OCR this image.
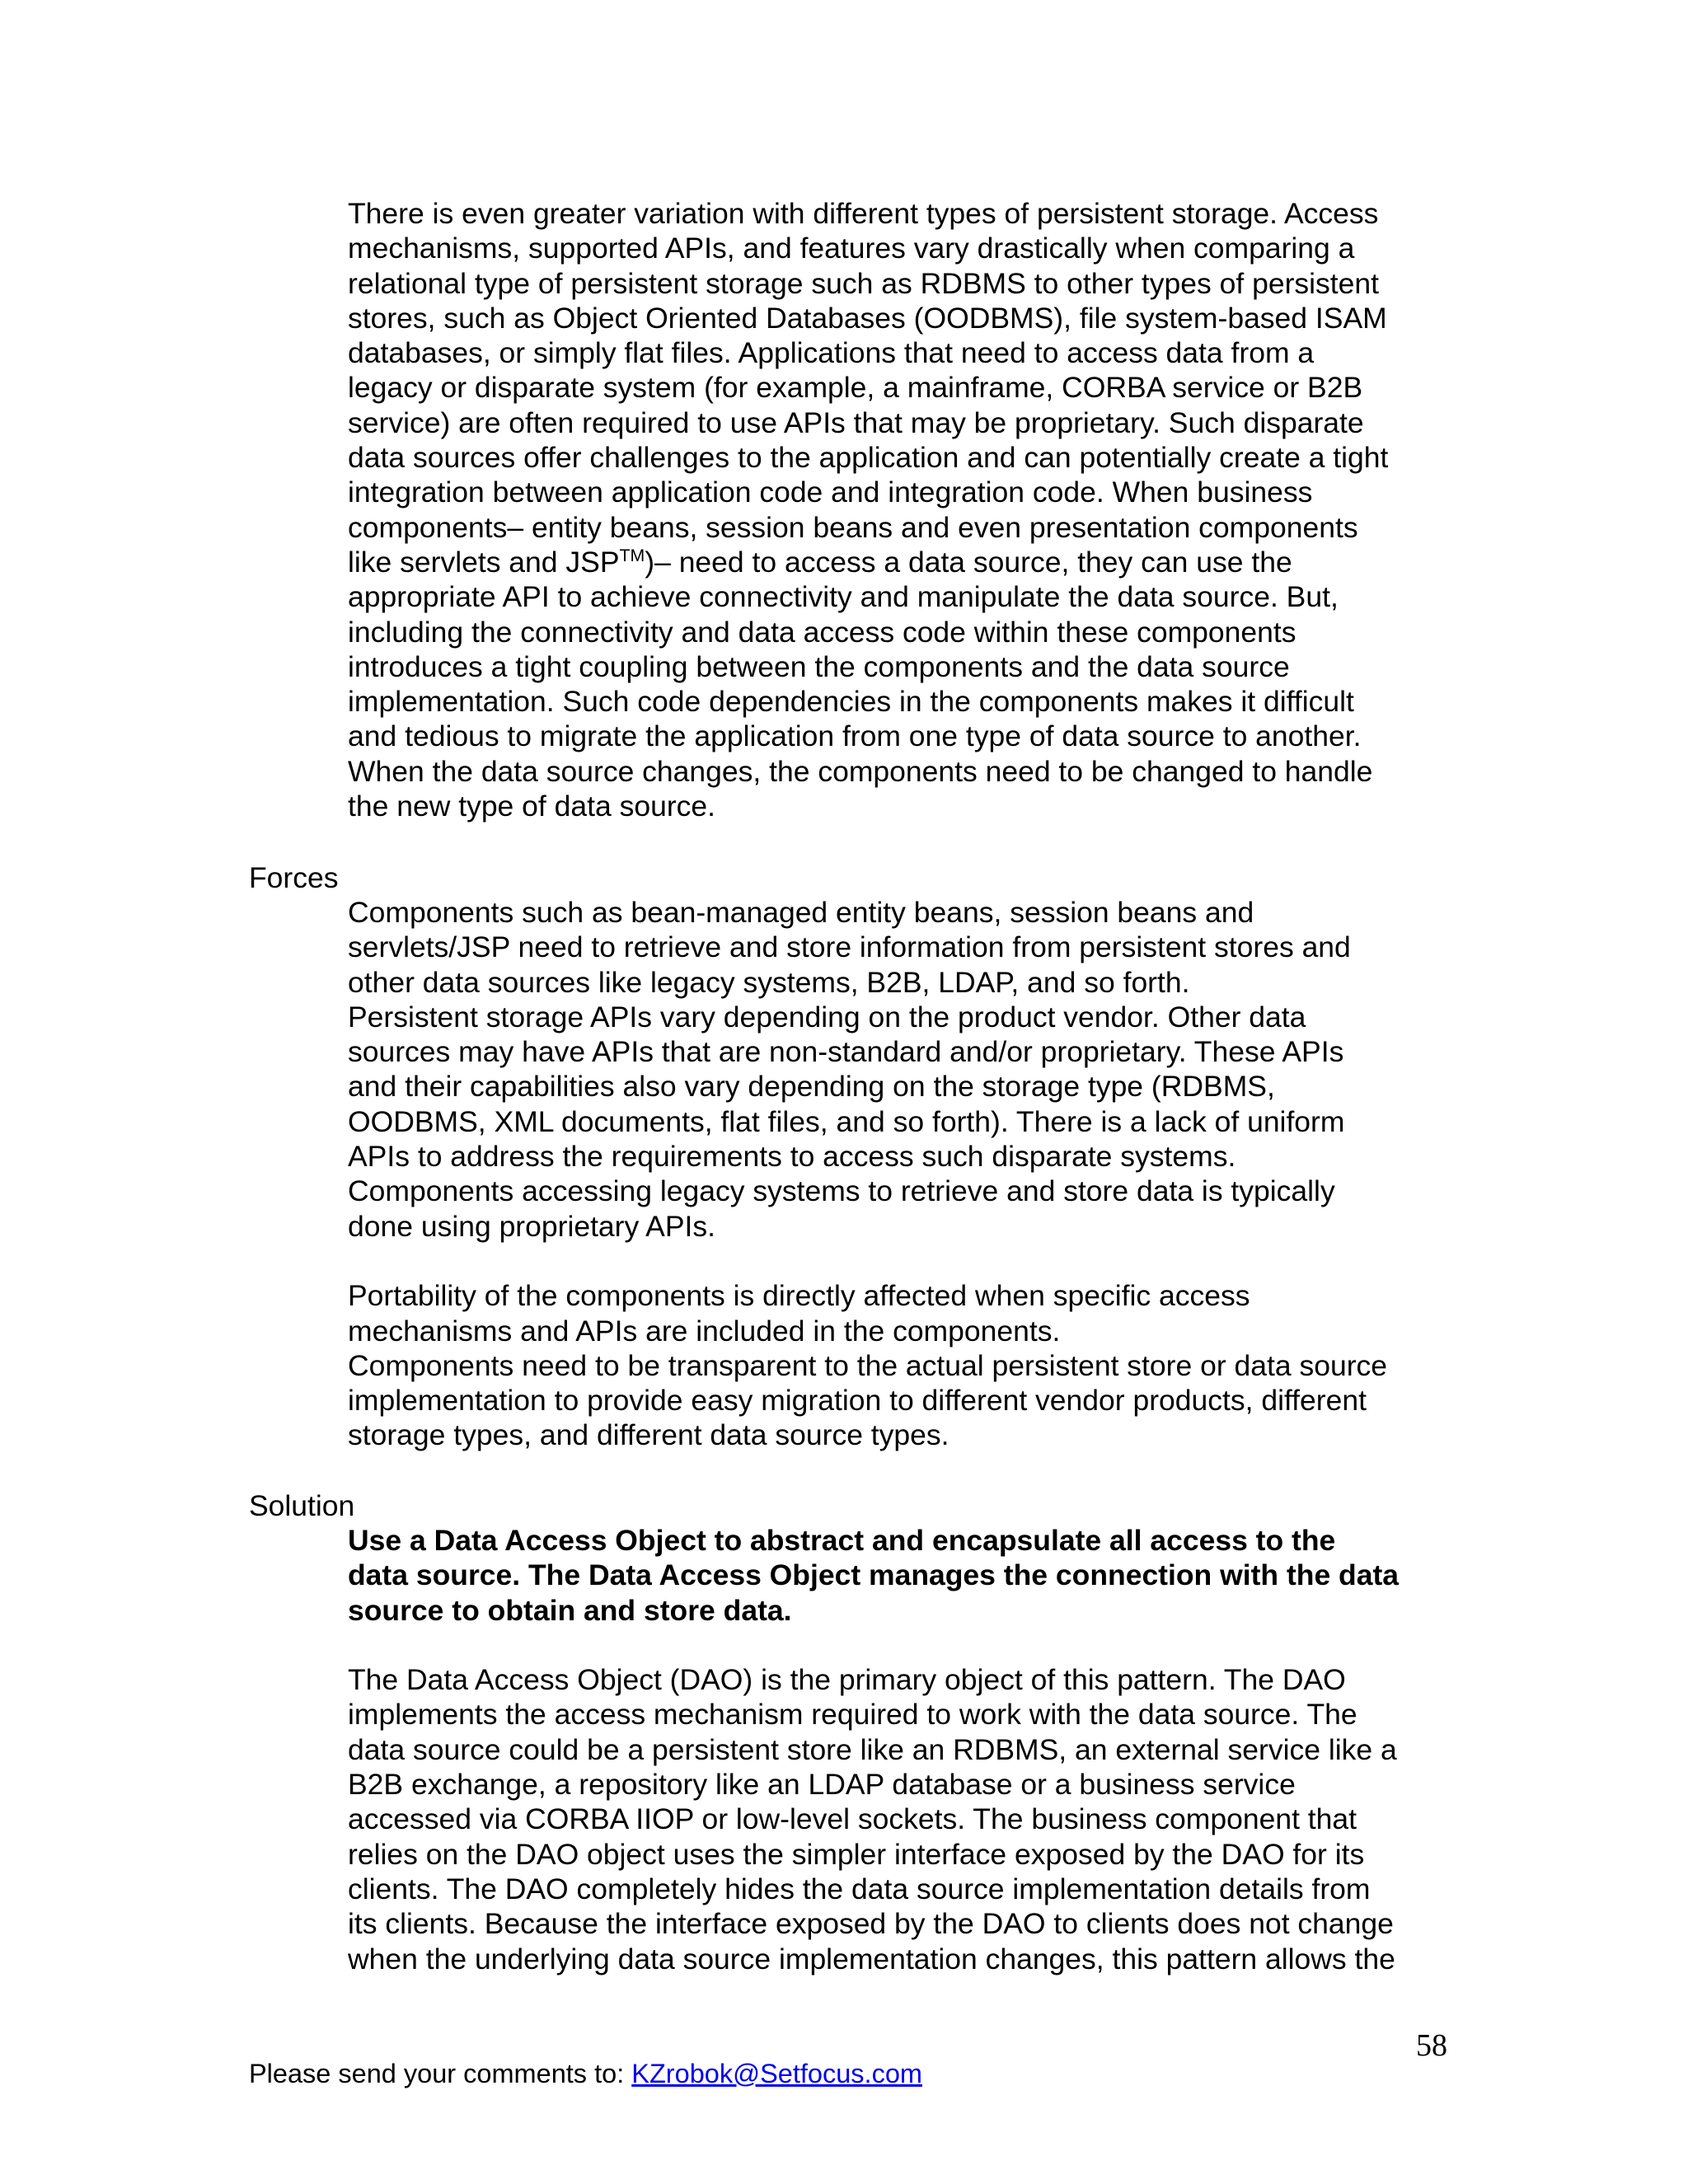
There is even greater variation with different types of persistent storage. Access

mechanisms, supported APIs, and features vary drastically when comparing a

relational type of persistent storage such as RDBMS to other types of persistent

stores, such as Object Oriented Databases (OODBMS), file system-based ISAM

databases, or simply flat files. Applications that need to access data from a

legacy or disparate system (for example, a mainframe, CORBA service or B2B

service) are often required to use APIs that may be proprietary. Such disparate

data sources offer challenges to the application and can potentially create a tight

integration between application code and integration code. When business

components– entity beans, session beans and even presentation components

like servlets and JSP™)– need to access a data source, they can use the

appropriate API to achieve connectivity and manipulate the data source. But,

including the connectivity and data access code within these components

introduces a tight coupling between the components and the data source

implementation. Such code dependencies in the components makes it difficult

and tedious to migrate the application from one type of data source to another.

When the data source changes, the components need to be changed to handle

the new type of data source.

Forces

Components such as bean-managed entity beans, session beans and

servlets/JSP need to retrieve and store information from persistent stores and

other data sources like legacy systems, B2B, LDAP, and so forth.

Persistent storage APIs vary depending on the product vendor. Other data

sources may have APIs that are non-standard and/or proprietary. These APIs

and their capabilities also vary depending on the storage type (RDBMS,

OODBMS, XML documents, flat files, and so forth). There is a lack of uniform

APIs to address the requirements to access such disparate systems.

Components accessing legacy systems to retrieve and store data is typically

done using proprietary APIs.

Portability of the components is directly affected when specific access

mechanisms and APIs are included in the components.

Components need to be transparent to the actual persistent store or data source

implementation to provide easy migration to different vendor products, different

storage types, and different data source types.

Solution

Use a Data Access Object to abstract and encapsulate all access to the

data source. The Data Access Object manages the connection with the data

source to obtain and store data.

The Data Access Object (DAO) is the primary object of this pattern. The DAO

implements the access mechanism required to work with the data source. The

data source could be a persistent store like an RDBMS, an external service like a

B2B exchange, a repository like an LDAP database or a business service

accessed via CORBA IIOP or low-level sockets. The business component that

relies on the DAO object uses the simpler interface exposed by the DAO for its

clients. The DAO completely hides the data source implementation details from

its clients. Because the interface exposed by the DAO to clients does not change

when the underlying data source implementation changes, this pattern allows the

58
Please send your comments to: KZrobok@Setfocus.com
